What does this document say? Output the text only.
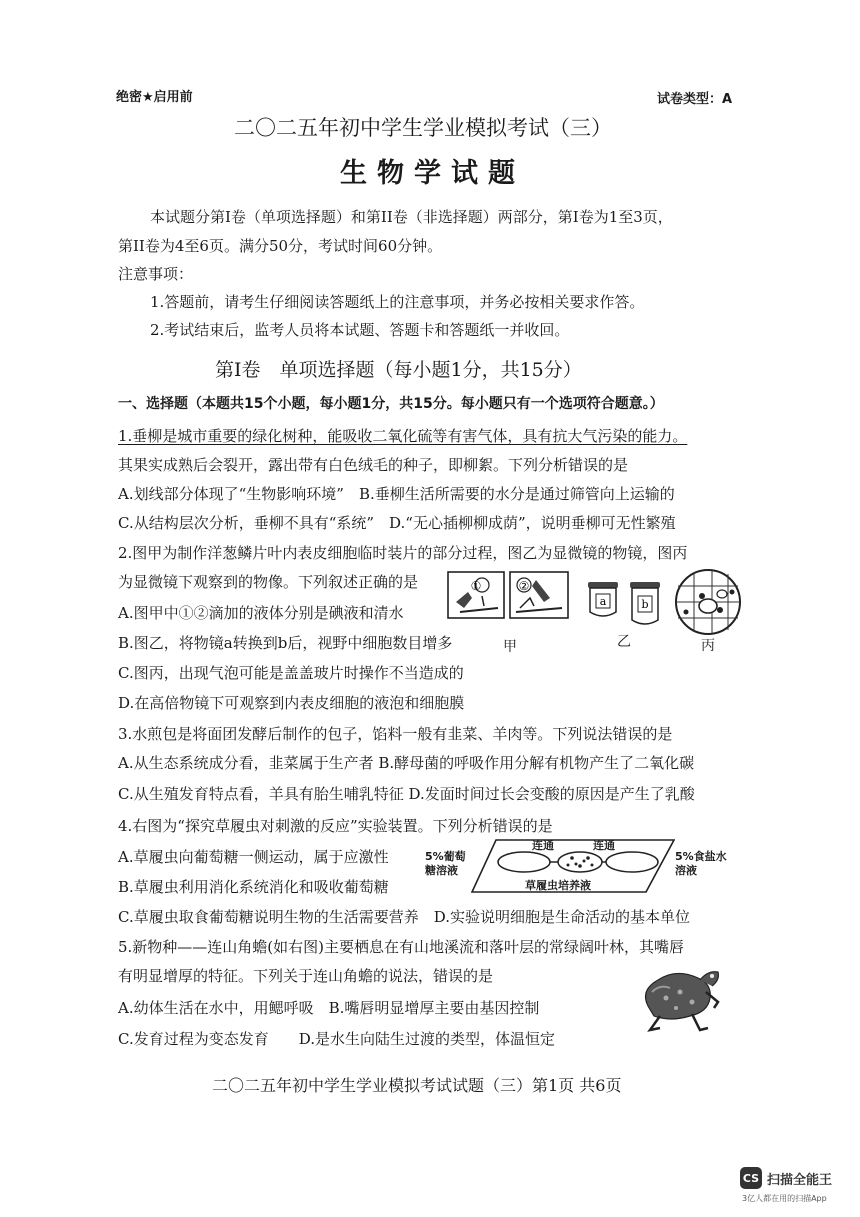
绝密★启用前	试卷类型：A
二〇二五年初中学生学业模拟考试（三）
生物学试题
本试题分第Ⅰ卷（单项选择题）和第II卷（非选择题）两部分，第Ⅰ卷为1至3页，
第II卷为4至6页。满分50分，考试时间60分钟。
注意事项：
1.答题前，请考生仔细阅读答题纸上的注意事项，并务必按相关要求作答。
2.考试结束后，监考人员将本试题、答题卡和答题纸一并收回。
第Ⅰ卷　单项选择题（每小题1分，共15分）
一、选择题（本题共15个小题，每小题1分，共15分。每小题只有一个选项符合题意。）
1.垂柳是城市重要的绿化树种，能吸收二氧化硫等有害气体，具有抗大气污染的能力。
其果实成熟后会裂开，露出带有白色绒毛的种子，即柳絮。下列分析错误的是
A.划线部分体现了“生物影响环境”　B.垂柳生活所需要的水分是通过筛管向上运输的
C.从结构层次分析，垂柳不具有“系统”　D.“无心插柳柳成荫”，说明垂柳可无性繁殖
2.图甲为制作洋葱鳞片叶内表皮细胞临时装片的部分过程，图乙为显微镜的物镜，图丙
为显微镜下观察到的物像。下列叙述正确的是
A.图甲中①②滴加的液体分别是碘液和清水
B.图乙，将物镜a转换到b后，视野中细胞数目增多
C.图丙，出现气泡可能是盖盖玻片时操作不当造成的
D.在高倍物镜下可观察到内表皮细胞的液泡和细胞膜
①	②
a	b
甲	乙	丙
3.水煎包是将面团发酵后制作的包子，馅料一般有韭菜、羊肉等。下列说法错误的是
A.从生态系统成分看，韭菜属于生产者 B.酵母菌的呼吸作用分解有机物产生了二氧化碳
C.从生殖发育特点看，羊具有胎生哺乳特征 D.发面时间过长会变酸的原因是产生了乳酸
4.右图为“探究草履虫对刺激的反应”实验装置。下列分析错误的是
A.草履虫向葡萄糖一侧运动，属于应激性
B.草履虫利用消化系统消化和吸收葡萄糖
C.草履虫取食葡萄糖说明生物的生活需要营养　D.实验说明细胞是生命活动的基本单位
连通	连通
草履虫培养液
5%葡萄
糖溶液
5%食盐水
溶液
5.新物种——连山角蟾(如右图)主要栖息在有山地溪流和落叶层的常绿阔叶林，其嘴唇
有明显增厚的特征。下列关于连山角蟾的说法，错误的是
A.幼体生活在水中，用鳃呼吸　B.嘴唇明显增厚主要由基因控制
C.发育过程为变态发育　　D.是水生向陆生过渡的类型，体温恒定
二〇二五年初中学生学业模拟考试试题（三）第1页 共6页
CS 扫描全能王
3亿人都在用的扫描App
